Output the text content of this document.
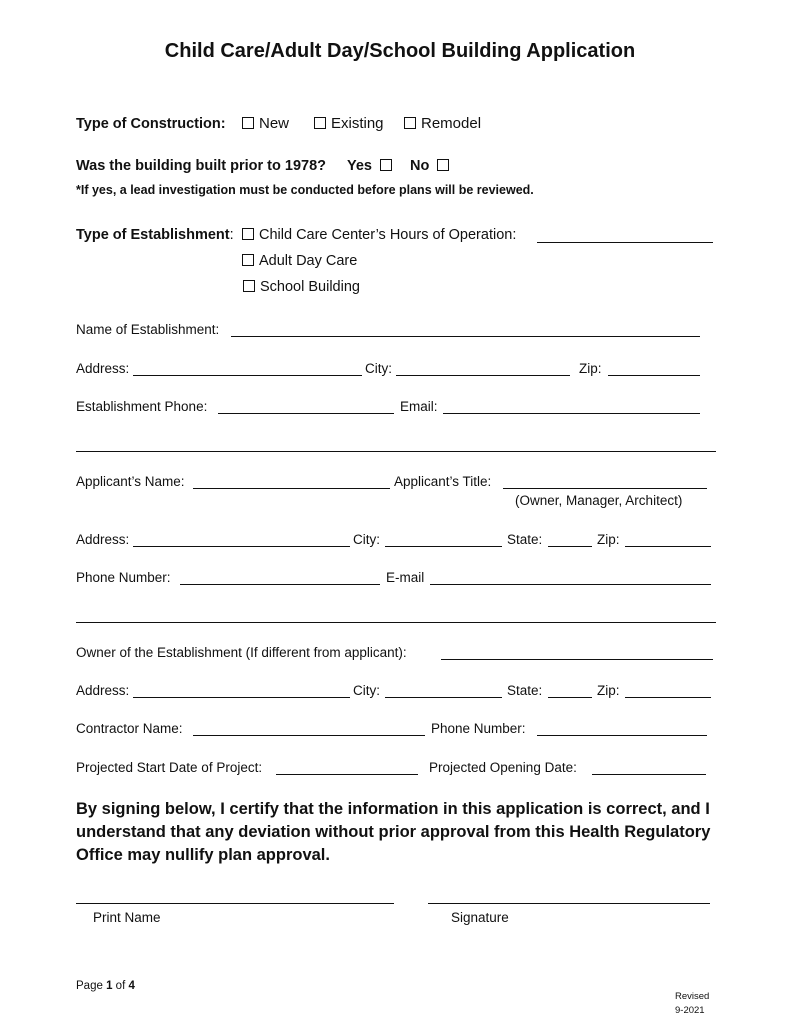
Child Care/Adult Day/School Building Application
Type of Construction:	New	Existing	Remodel
Was the building built prior to 1978? Yes	No
*If yes, a lead investigation must be conducted before plans will be reviewed.
Type of Establishment:	Child Care Center’s Hours of Operation:
Adult Day Care
School Building
Name of Establishment:
Address:	City:	Zip:
Establishment Phone:	Email:
Applicant’s Name:	Applicant’s Title:
(Owner, Manager, Architect)
Address:	City:	State:	Zip:
Phone Number:	E-mail
Owner of the Establishment (If different from applicant):
Address:	City:	State:	Zip:
Contractor Name:	Phone Number:
Projected Start Date of Project:	Projected Opening Date:
By signing below, I certify that the information in this application is correct, and I understand that any deviation without prior approval from this Health Regulatory Office may nullify plan approval.
Print Name	Signature
Page 1 of 4
Revised
9-2021
